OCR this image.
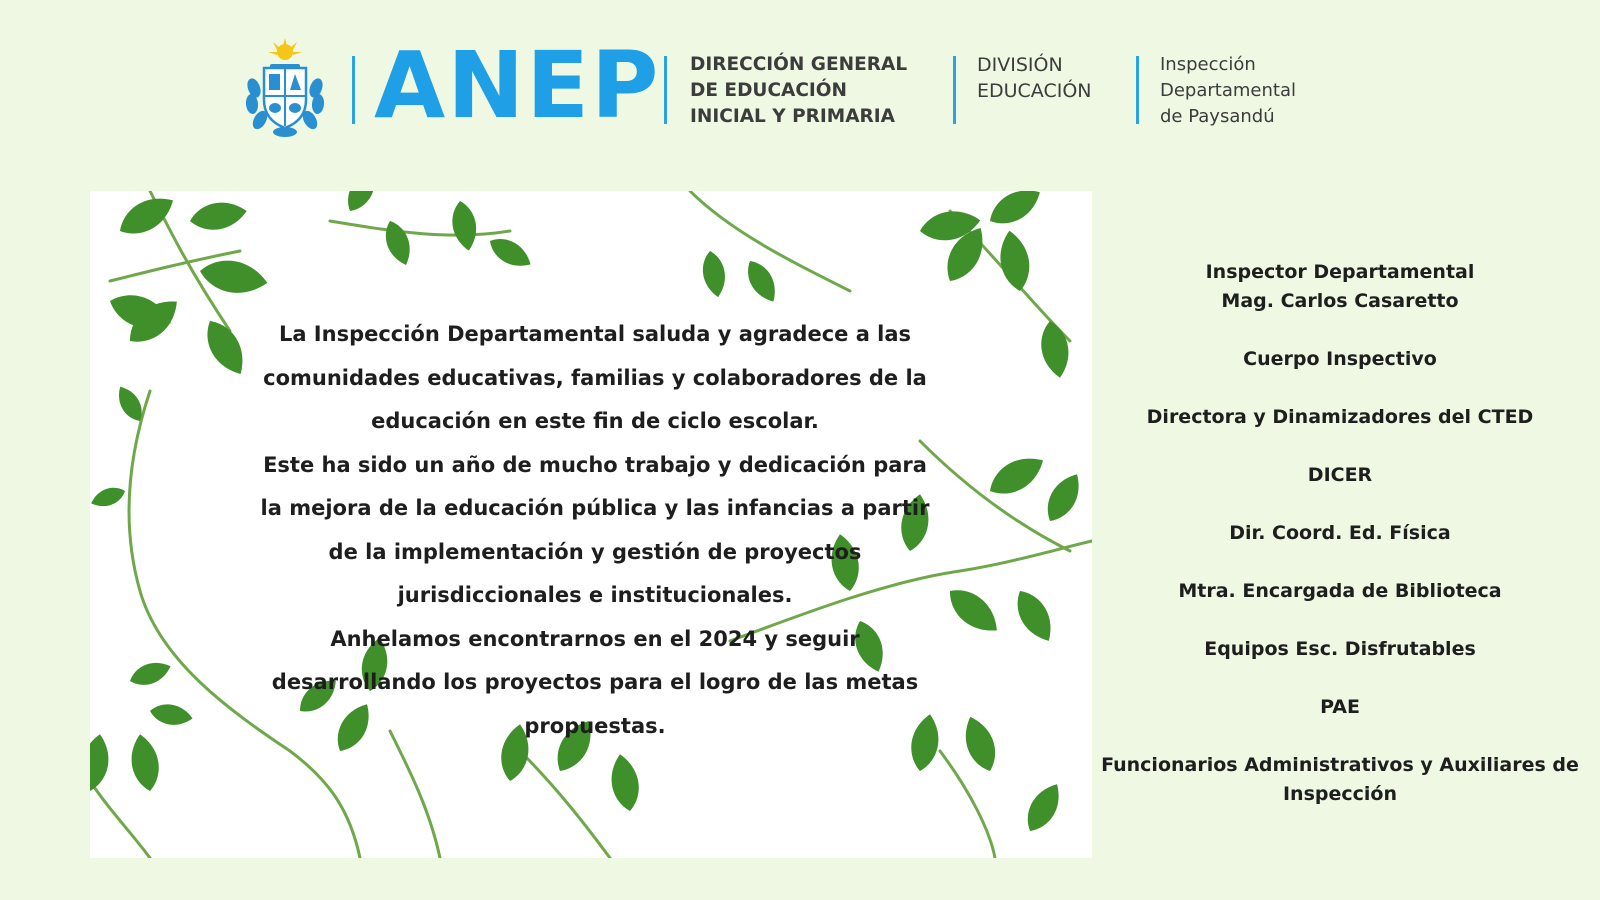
ANEP DIRECCIÓN GENERAL
DE EDUCACIÓN
INICIAL Y PRIMARIA
DIVISIÓN
EDUCACIÓN
Inspección
Departamental
de Paysandú
La Inspección Departamental saluda y agradece a las
comunidades educativas, familias y colaboradores de la
educación en este fin de ciclo escolar.
Este ha sido un año de mucho trabajo y dedicación para
la mejora de la educación pública y las infancias a partir
de la implementación y gestión de proyectos
jurisdiccionales e institucionales.
Anhelamos encontrarnos en el 2024 y seguir
desarrollando los proyectos para el logro de las metas
propuestas.
Inspector Departamental
Mag. Carlos Casaretto
Cuerpo Inspectivo
Directora y Dinamizadores del CTED
DICER
Dir. Coord. Ed. Física
Mtra. Encargada de Biblioteca
Equipos Esc. Disfrutables
PAE
Funcionarios Administrativos y Auxiliares de
Inspección
